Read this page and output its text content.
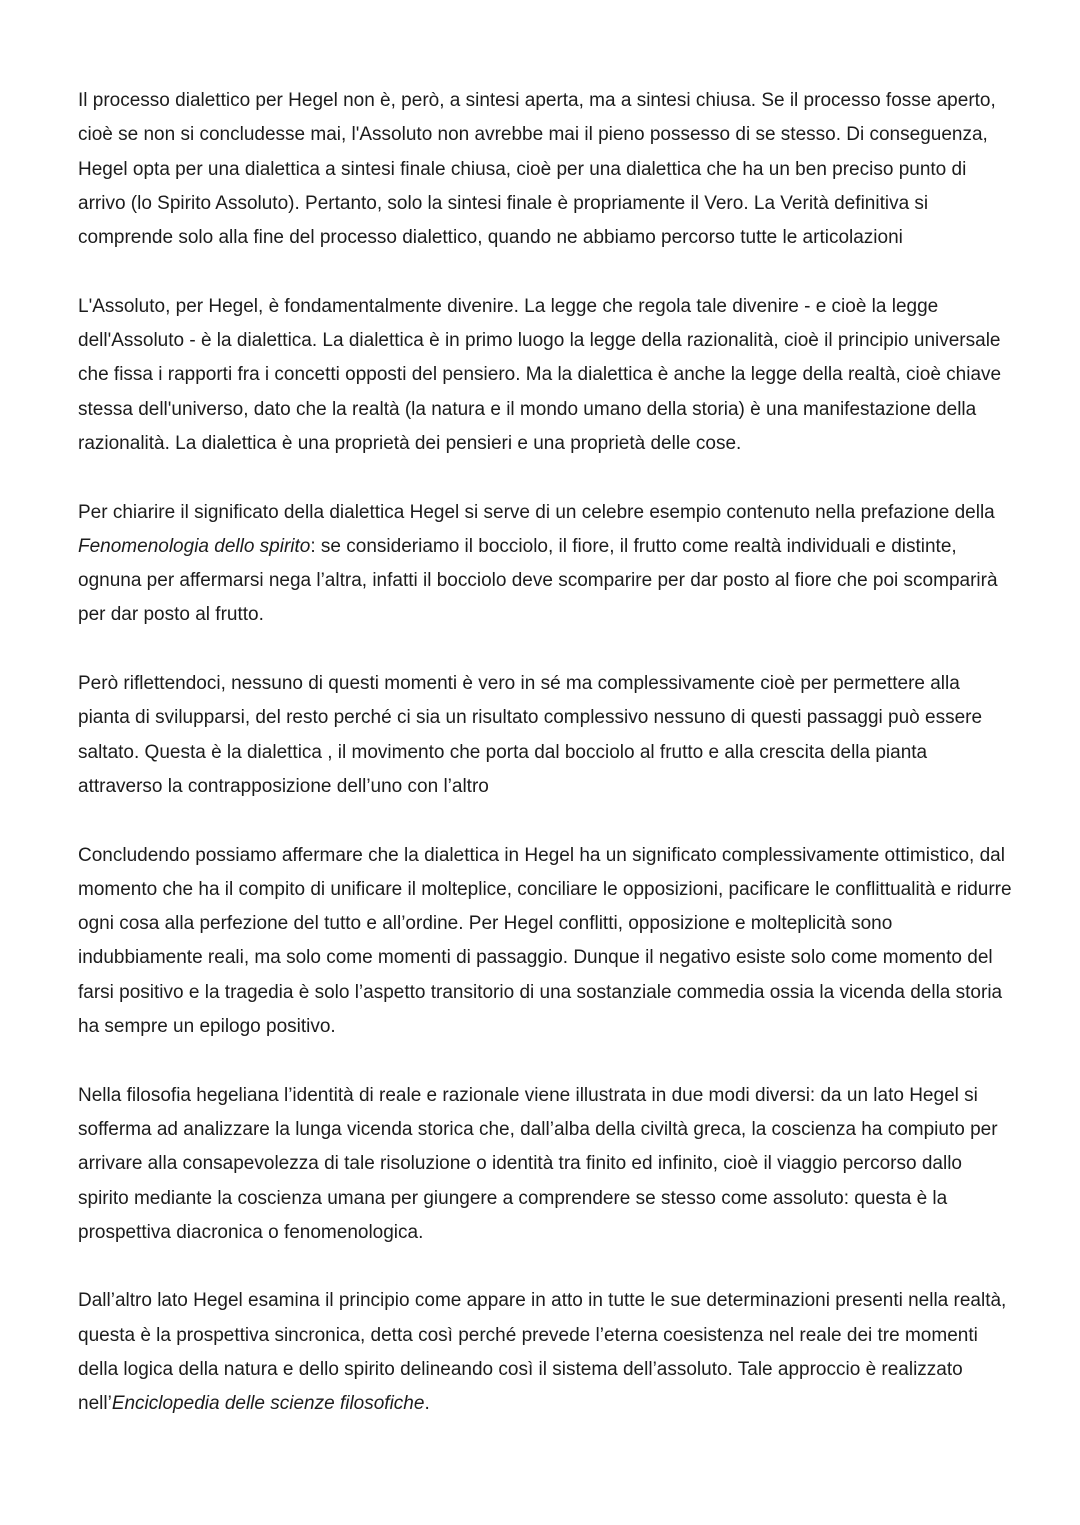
Il processo dialettico per Hegel non è, però, a sintesi aperta, ma a sintesi chiusa. Se il processo fosse aperto, cioè se non si concludesse mai, l'Assoluto non avrebbe mai il pieno possesso di se stesso. Di conseguenza, Hegel opta per una dialettica a sintesi finale chiusa, cioè per una dialettica che ha un ben preciso punto di arrivo (lo Spirito Assoluto). Pertanto, solo la sintesi finale è propriamente il Vero. La Verità definitiva si comprende solo alla fine del processo dialettico, quando ne abbiamo percorso tutte le articolazioni

L'Assoluto, per Hegel, è fondamentalmente divenire. La legge che regola tale divenire - e cioè la legge dell'Assoluto - è la dialettica. La dialettica è in primo luogo la legge della razionalità, cioè il principio universale che fissa i rapporti fra i concetti opposti del pensiero. Ma la dialettica è anche la legge della realtà, cioè chiave stessa dell'universo, dato che la realtà (la natura e il mondo umano della storia) è una manifestazione della razionalità. La dialettica è una proprietà dei pensieri e una proprietà delle cose.

Per chiarire il significato della dialettica Hegel si serve di un celebre esempio contenuto nella prefazione della Fenomenologia dello spirito: se consideriamo il bocciolo, il fiore, il frutto come realtà individuali e distinte, ognuna per affermarsi nega l’altra, infatti il bocciolo deve scomparire per dar posto al fiore che poi scomparirà per dar posto al frutto.

Però riflettendoci, nessuno di questi momenti è vero in sé ma complessivamente cioè per permettere alla pianta di svilupparsi, del resto perché ci sia un risultato complessivo nessuno di questi passaggi può essere saltato. Questa è la dialettica , il movimento che porta dal bocciolo al frutto e alla crescita della pianta attraverso la contrapposizione dell’uno con l’altro

Concludendo possiamo affermare che la dialettica in Hegel ha un significato complessivamente ottimistico, dal momento che ha il compito di unificare il molteplice, conciliare le opposizioni, pacificare le conflittualità e ridurre ogni cosa alla perfezione del tutto e all’ordine. Per Hegel conflitti, opposizione e molteplicità sono indubbiamente reali, ma solo come momenti di passaggio. Dunque il negativo esiste solo come momento del farsi positivo e la tragedia è solo l’aspetto transitorio di una sostanziale commedia ossia la vicenda della storia ha sempre un epilogo positivo.

Nella filosofia hegeliana l’identità di reale e razionale viene illustrata in due modi diversi: da un lato Hegel si sofferma ad analizzare la lunga vicenda storica che, dall’alba della civiltà greca, la coscienza ha compiuto per arrivare alla consapevolezza di tale risoluzione o identità tra finito ed infinito, cioè il viaggio percorso dallo spirito mediante la coscienza umana per giungere a comprendere se stesso come assoluto: questa è la prospettiva diacronica o fenomenologica.

Dall’altro lato Hegel esamina il principio come appare in atto in tutte le sue determinazioni presenti nella realtà, questa è la prospettiva sincronica, detta così perché prevede l’eterna coesistenza nel reale dei tre momenti della logica della natura e dello spirito delineando così il sistema dell’assoluto. Tale approccio è realizzato nell’Enciclopedia delle scienze filosofiche.
